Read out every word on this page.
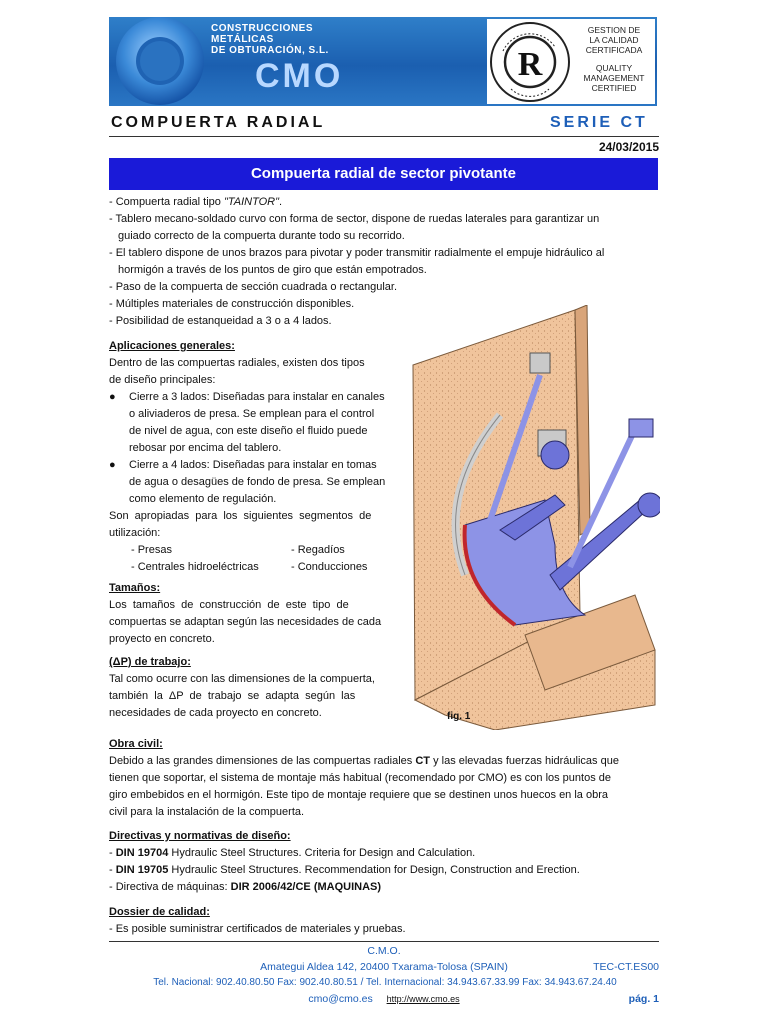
CONSTRUCCIONES
METÁLICAS
DE OBTURACIÓN, S.L.
CMO	R
GESTION DE
LA CALIDAD
CERTIFICADA
QUALITY
MANAGEMENT
CERTIFIED
COMPUERTA RADIAL	SERIE CT
24/03/2015
Compuerta radial de sector pivotante
- Compuerta radial tipo "TAINTOR".
- Tablero mecano-soldado curvo con forma de sector, dispone de ruedas laterales para garantizar un
guiado correcto de la compuerta durante todo su recorrido.
- El tablero dispone de unos brazos para pivotar y poder transmitir radialmente el empuje hidráulico al
hormigón a través de los puntos de giro que están empotrados.
- Paso de la compuerta de sección cuadrada o rectangular.
- Múltiples materiales de construcción disponibles.
- Posibilidad de estanqueidad a 3 o a 4 lados.
Aplicaciones generales:
Dentro de las compuertas radiales, existen dos tipos
de diseño principales:
● Cierre a 3 lados: Diseñadas para instalar en canales
o aliviaderos de presa. Se emplean para el control
de nivel de agua, con este diseño el fluido puede
rebosar por encima del tablero.
● Cierre a 4 lados: Diseñadas para instalar en tomas
de agua o desagües de fondo de presa. Se emplean
como elemento de regulación.
Son  apropiadas  para  los  siguientes  segmentos  de
utilización:
- Presas	- Regadíos
- Centrales hidroeléctricas	- Conducciones
Tamaños:
Los  tamaños  de  construcción  de  este  tipo  de
compuertas se adaptan según las necesidades de cada
proyecto en concreto.
(ΔP) de trabajo:
Tal como ocurre con las dimensiones de la compuerta,
también  la  ΔP  de  trabajo  se  adapta  según  las
necesidades de cada proyecto en concreto.	fig. 1
Obra civil:
Debido a las grandes dimensiones de las compuertas radiales CT y las elevadas fuerzas hidráulicas que
tienen que soportar, el sistema de montaje más habitual (recomendado por CMO) es con los puntos de
giro embebidos en el hormigón. Este tipo de montaje requiere que se destinen unos huecos en la obra
civil para la instalación de la compuerta.
Directivas y normativas de diseño:
- DIN 19704 Hydraulic Steel Structures. Criteria for Design and Calculation.
- DIN 19705 Hydraulic Steel Structures. Recommendation for Design, Construction and Erection.
- Directiva de máquinas: DIR 2006/42/CE (MAQUINAS)
Dossier de calidad:
- Es posible suministrar certificados de materiales y pruebas.
C.M.O.
Amategui Aldea 142, 20400 Txarama-Tolosa (SPAIN)	TEC-CT.ES00
Tel. Nacional: 902.40.80.50 Fax: 902.40.80.51 / Tel. Internacional: 34.943.67.33.99 Fax: 34.943.67.24.40
cmo@cmo.es http://www.cmo.es	pág. 1
